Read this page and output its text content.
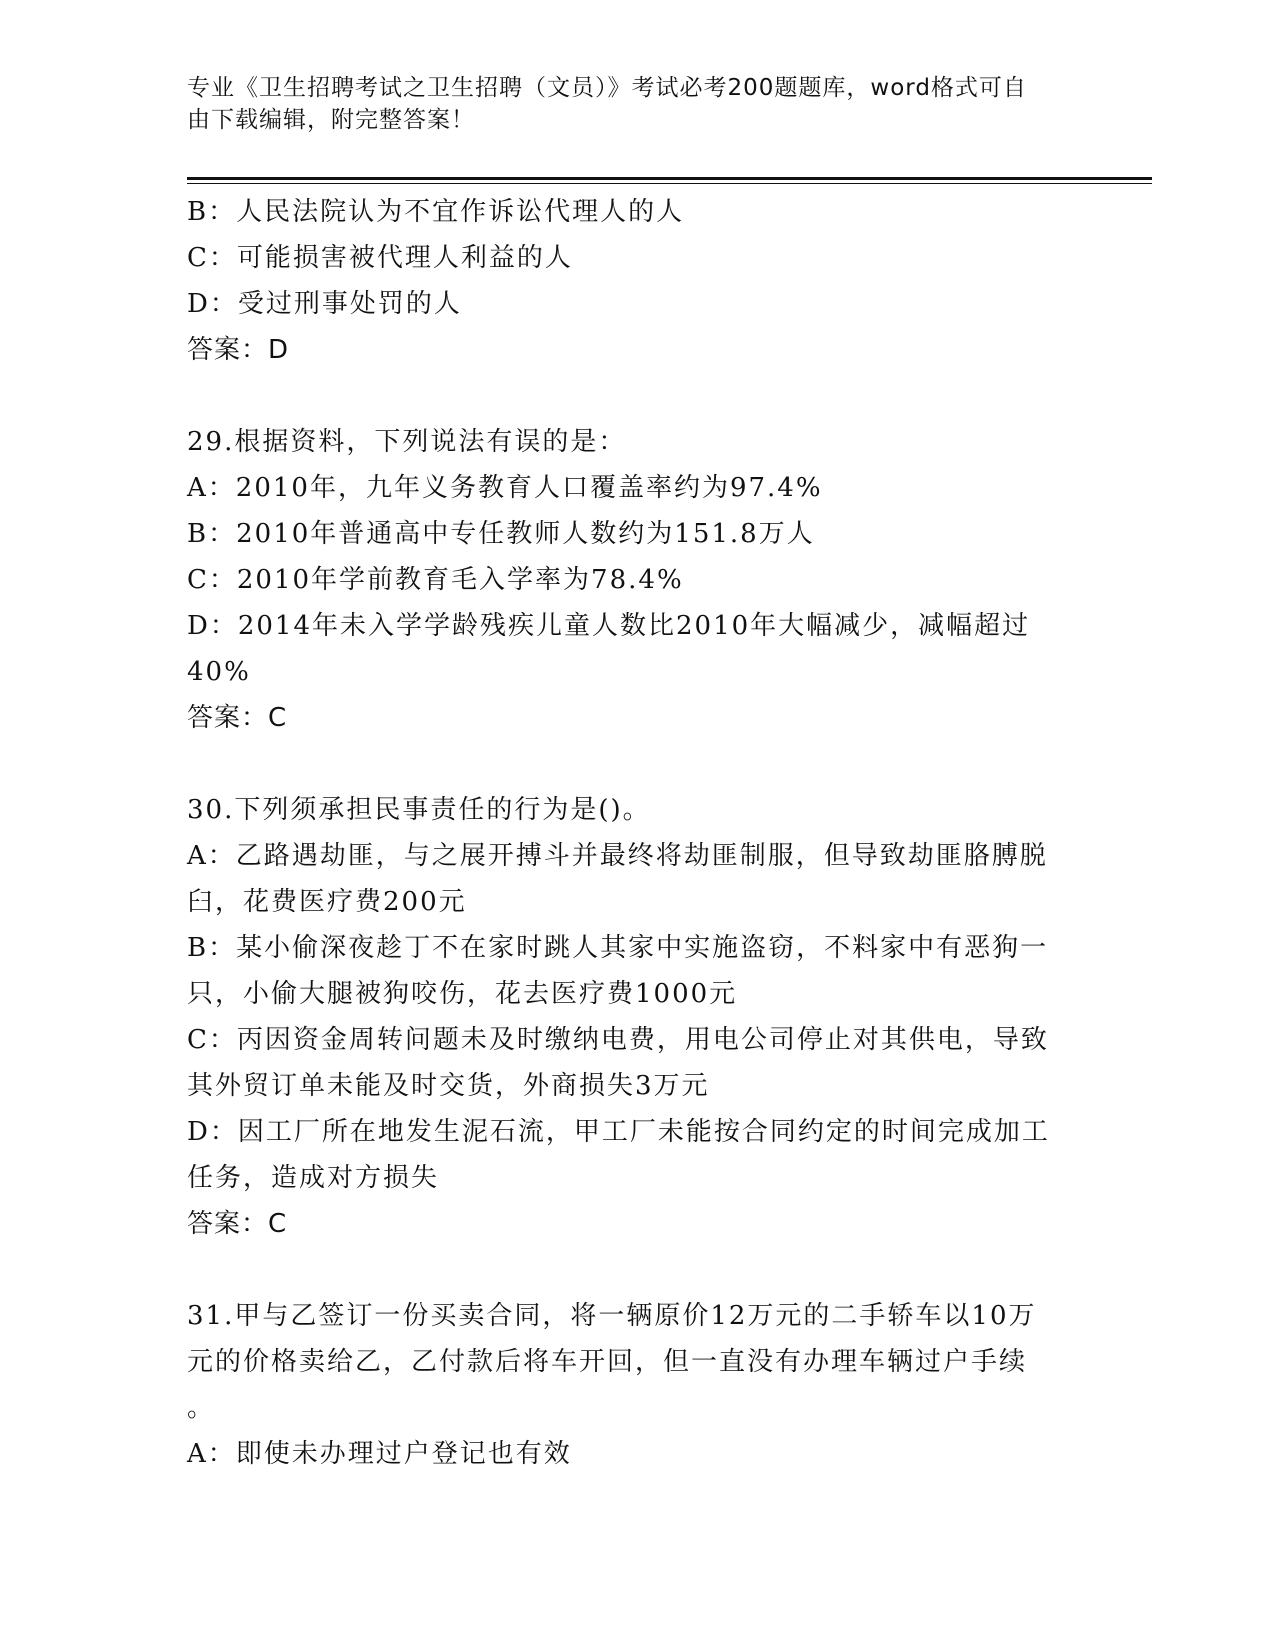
专业《卫生招聘考试之卫生招聘（文员）》考试必考200题题库，word格式可自
由下载编辑，附完整答案！
B：人民法院认为不宜作诉讼代理人的人
C：可能损害被代理人利益的人
D：受过刑事处罚的人
答案：D
29.根据资料，下列说法有误的是：
A：2010年，九年义务教育人口覆盖率约为97.4%
B：2010年普通高中专任教师人数约为151.8万人
C：2010年学前教育毛入学率为78.4%
D：2014年未入学学龄残疾儿童人数比2010年大幅减少，减幅超过
40%
答案：C
30.下列须承担民事责任的行为是()。
A：乙路遇劫匪，与之展开搏斗并最终将劫匪制服，但导致劫匪胳膊脱
臼，花费医疗费200元
B：某小偷深夜趁丁不在家时跳人其家中实施盗窃，不料家中有恶狗一
只，小偷大腿被狗咬伤，花去医疗费1000元
C：丙因资金周转问题未及时缴纳电费，用电公司停止对其供电，导致
其外贸订单未能及时交货，外商损失3万元
D：因工厂所在地发生泥石流，甲工厂未能按合同约定的时间完成加工
任务，造成对方损失
答案：C
31.甲与乙签订一份买卖合同，将一辆原价12万元的二手轿车以10万
元的价格卖给乙，乙付款后将车开回，但一直没有办理车辆过户手续
。
A：即使未办理过户登记也有效
